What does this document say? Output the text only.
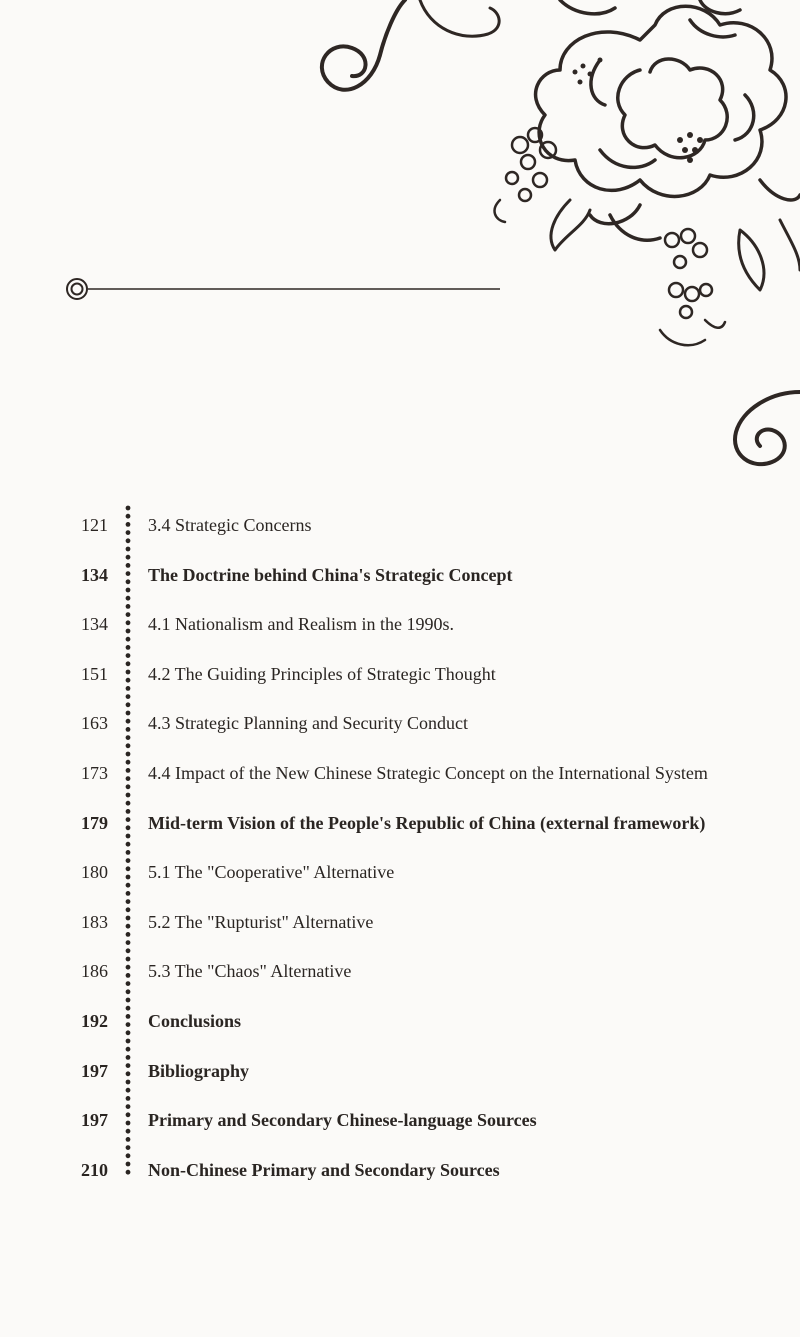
121 3.4 Strategic Concerns
134 The Doctrine behind China's Strategic Concept
134 4.1 Nationalism and Realism in the 1990s.
151 4.2 The Guiding Principles of Strategic Thought
163 4.3 Strategic Planning and Security Conduct
173 4.4 Impact of the New Chinese Strategic Concept on the International System
179 Mid-term Vision of the People's Republic of China (external framework)
180 5.1 The "Cooperative" Alternative
183 5.2 The "Rupturist" Alternative
186 5.3 The "Chaos" Alternative
192 Conclusions
197 Bibliography
197 Primary and Secondary Chinese-language Sources
210 Non-Chinese Primary and Secondary Sources
